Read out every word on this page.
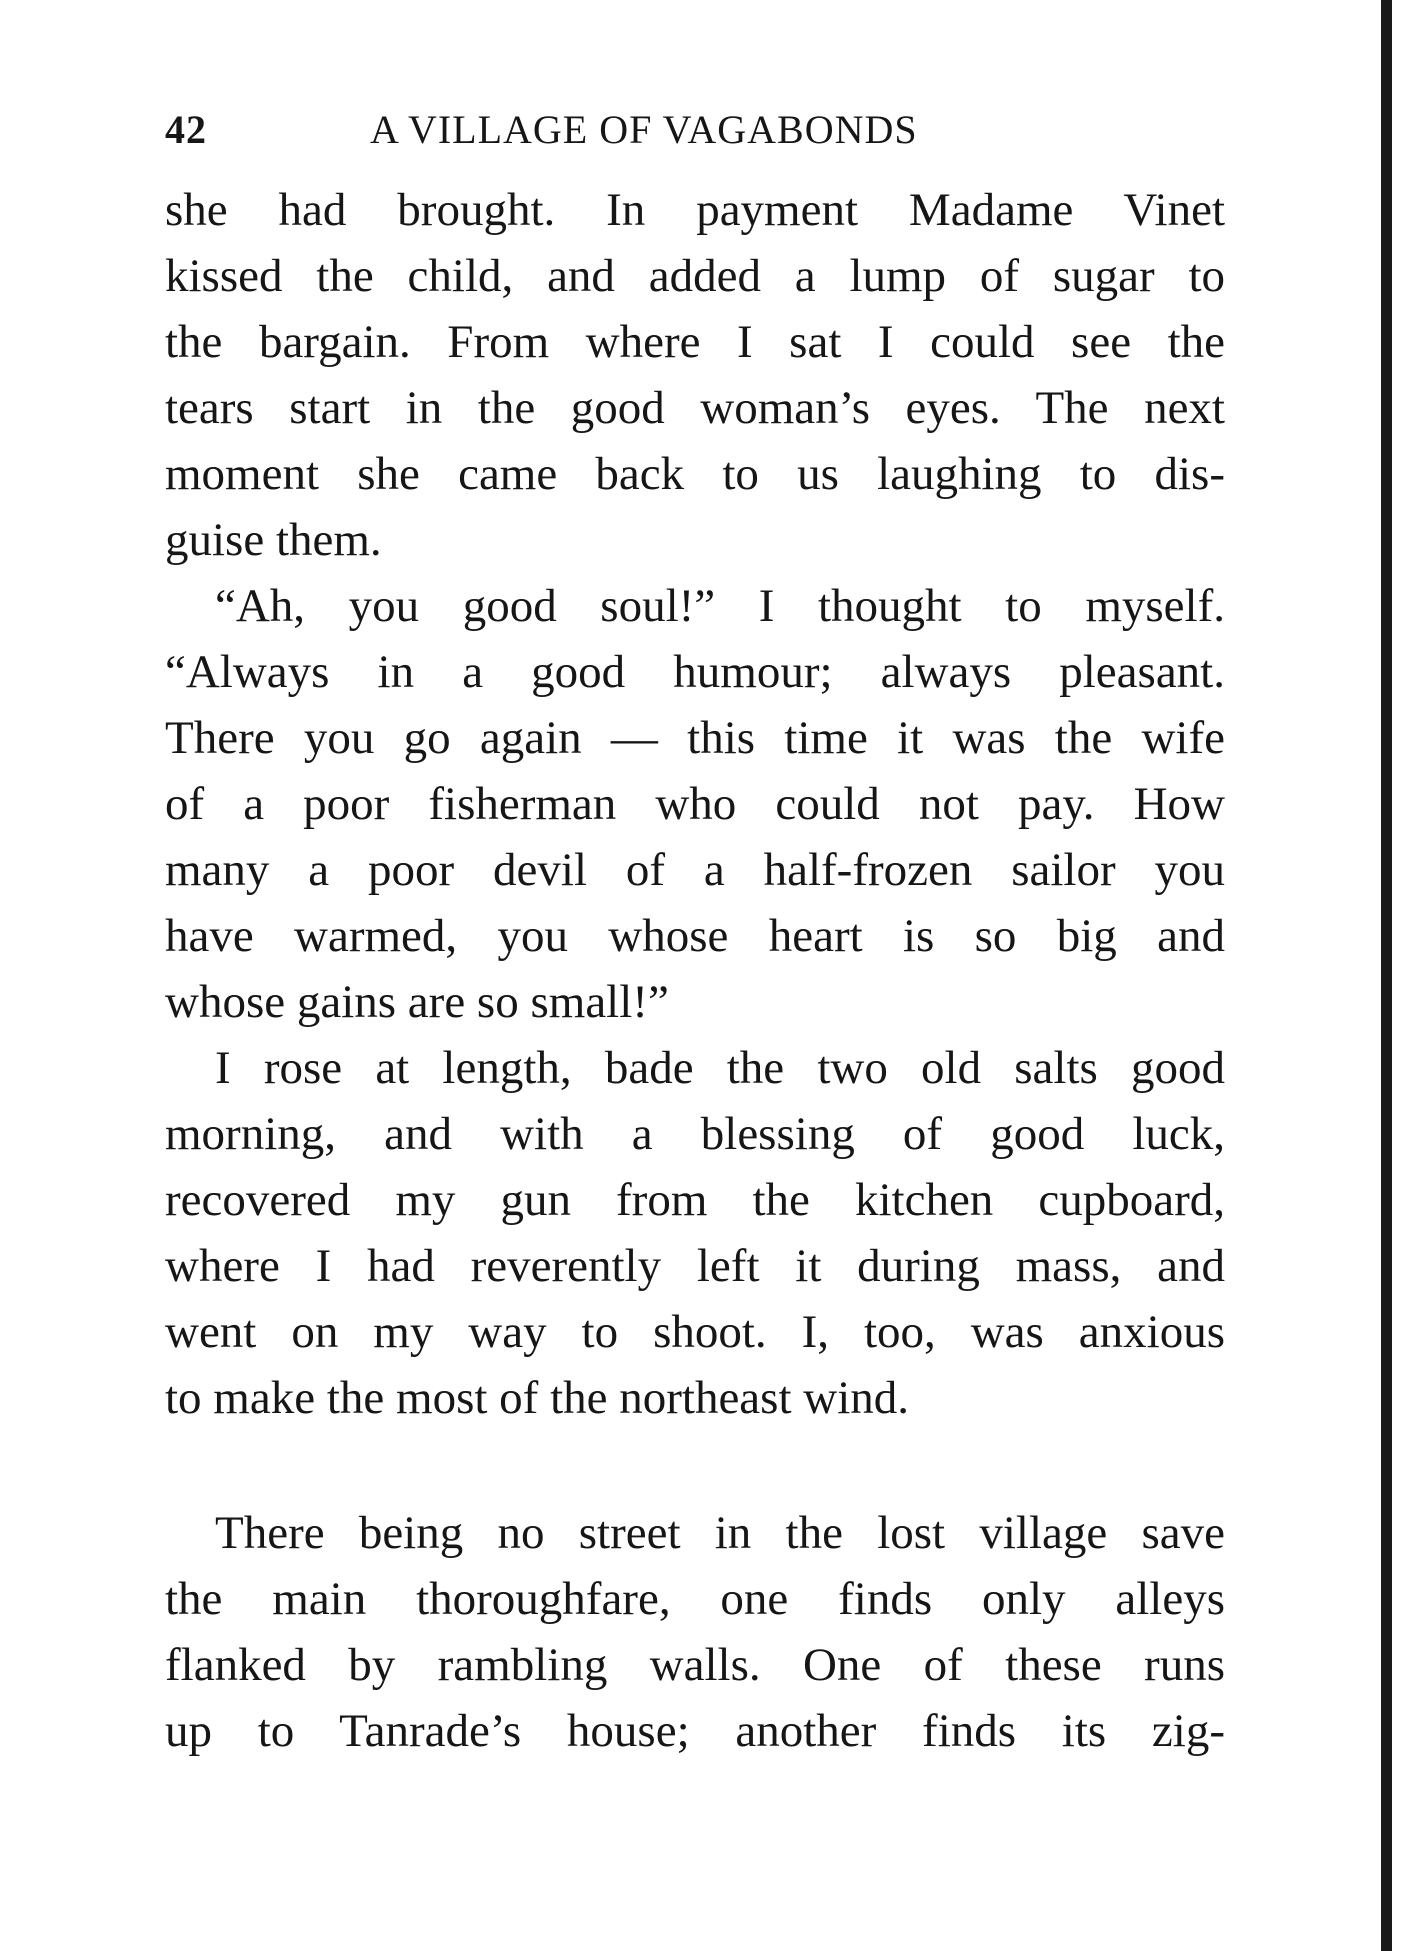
42	A VILLAGE OF VAGABONDS
she had brought. In payment Madame Vinet
kissed the child, and added a lump of sugar to
the bargain. From where I sat I could see the
tears start in the good woman’s eyes. The next
moment she came back to us laughing to dis-
guise them.
“Ah, you good soul!” I thought to myself.
“Always in a good humour; always pleasant.
There you go again — this time it was the wife
of a poor fisherman who could not pay. How
many a poor devil of a half-frozen sailor you
have warmed, you whose heart is so big and
whose gains are so small!”
I rose at length, bade the two old salts good
morning, and with a blessing of good luck,
recovered my gun from the kitchen cupboard,
where I had reverently left it during mass, and
went on my way to shoot. I, too, was anxious
to make the most of the northeast wind.
There being no street in the lost village save
the main thoroughfare, one finds only alleys
flanked by rambling walls. One of these runs
up to Tanrade’s house; another finds its zig-
